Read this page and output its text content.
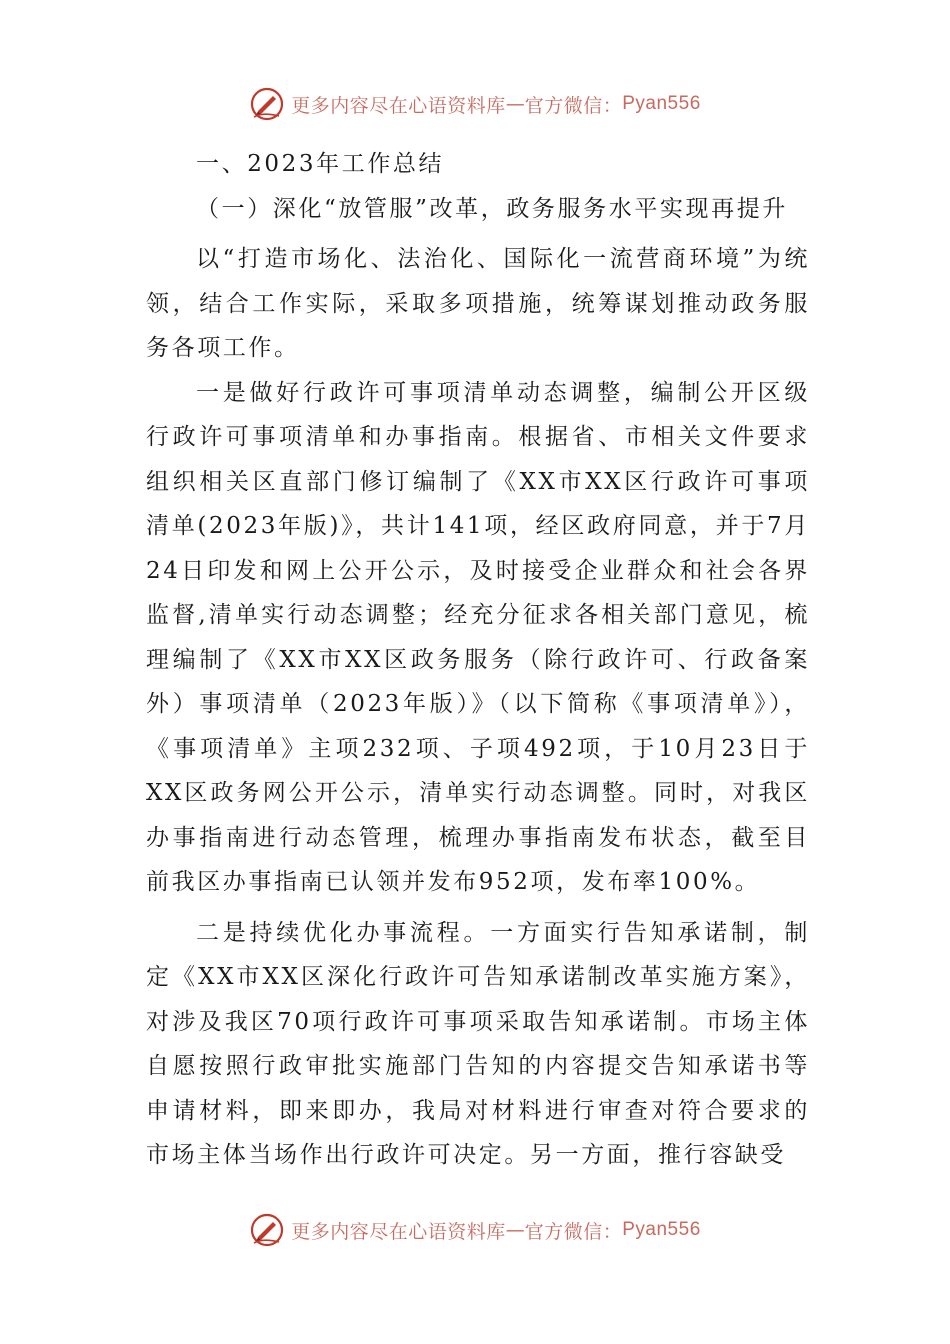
更多内容尽在心语资料库 — 官方微信： Pyan556

一、2023年工作总结

（一）深化“放管服”改革，政务服务水平实现再提升

以“打造市场化、法治化、国际化一流营商环境”为统领，结合工作实际，采取多项措施，统筹谋划推动政务服务各项工作。

一是做好行政许可事项清单动态调整，编制公开区级行政许可事项清单和办事指南。根据省、市相关文件要求组织相关区直部门修订编制了《XX市XX区行政许可事项清单(2023年版)》，共计141项，经区政府同意，并于7月24日印发和网上公开公示，及时接受企业群众和社会各界监督,清单实行动态调整；经充分征求各相关部门意见，梳理编制了《XX市XX区政务服务（除行政许可、行政备案外）事项清单（2023年版）》（以下简称《事项清单》），《事项清单》主项232项、子项492项，于10月23日于XX区政务网公开公示，清单实行动态调整。同时，对我区办事指南进行动态管理，梳理办事指南发布状态，截至目前我区办事指南已认领并发布952项，发布率100%。

二是持续优化办事流程。一方面实行告知承诺制，制定《XX市XX区深化行政许可告知承诺制改革实施方案》，对涉及我区70项行政许可事项采取告知承诺制。市场主体自愿按照行政审批实施部门告知的内容提交告知承诺书等申请材料，即来即办，我局对材料进行审查对符合要求的市场主体当场作出行政许可决定。另一方面，推行容缺受

更多内容尽在心语资料库 — 官方微信： Pyan556
